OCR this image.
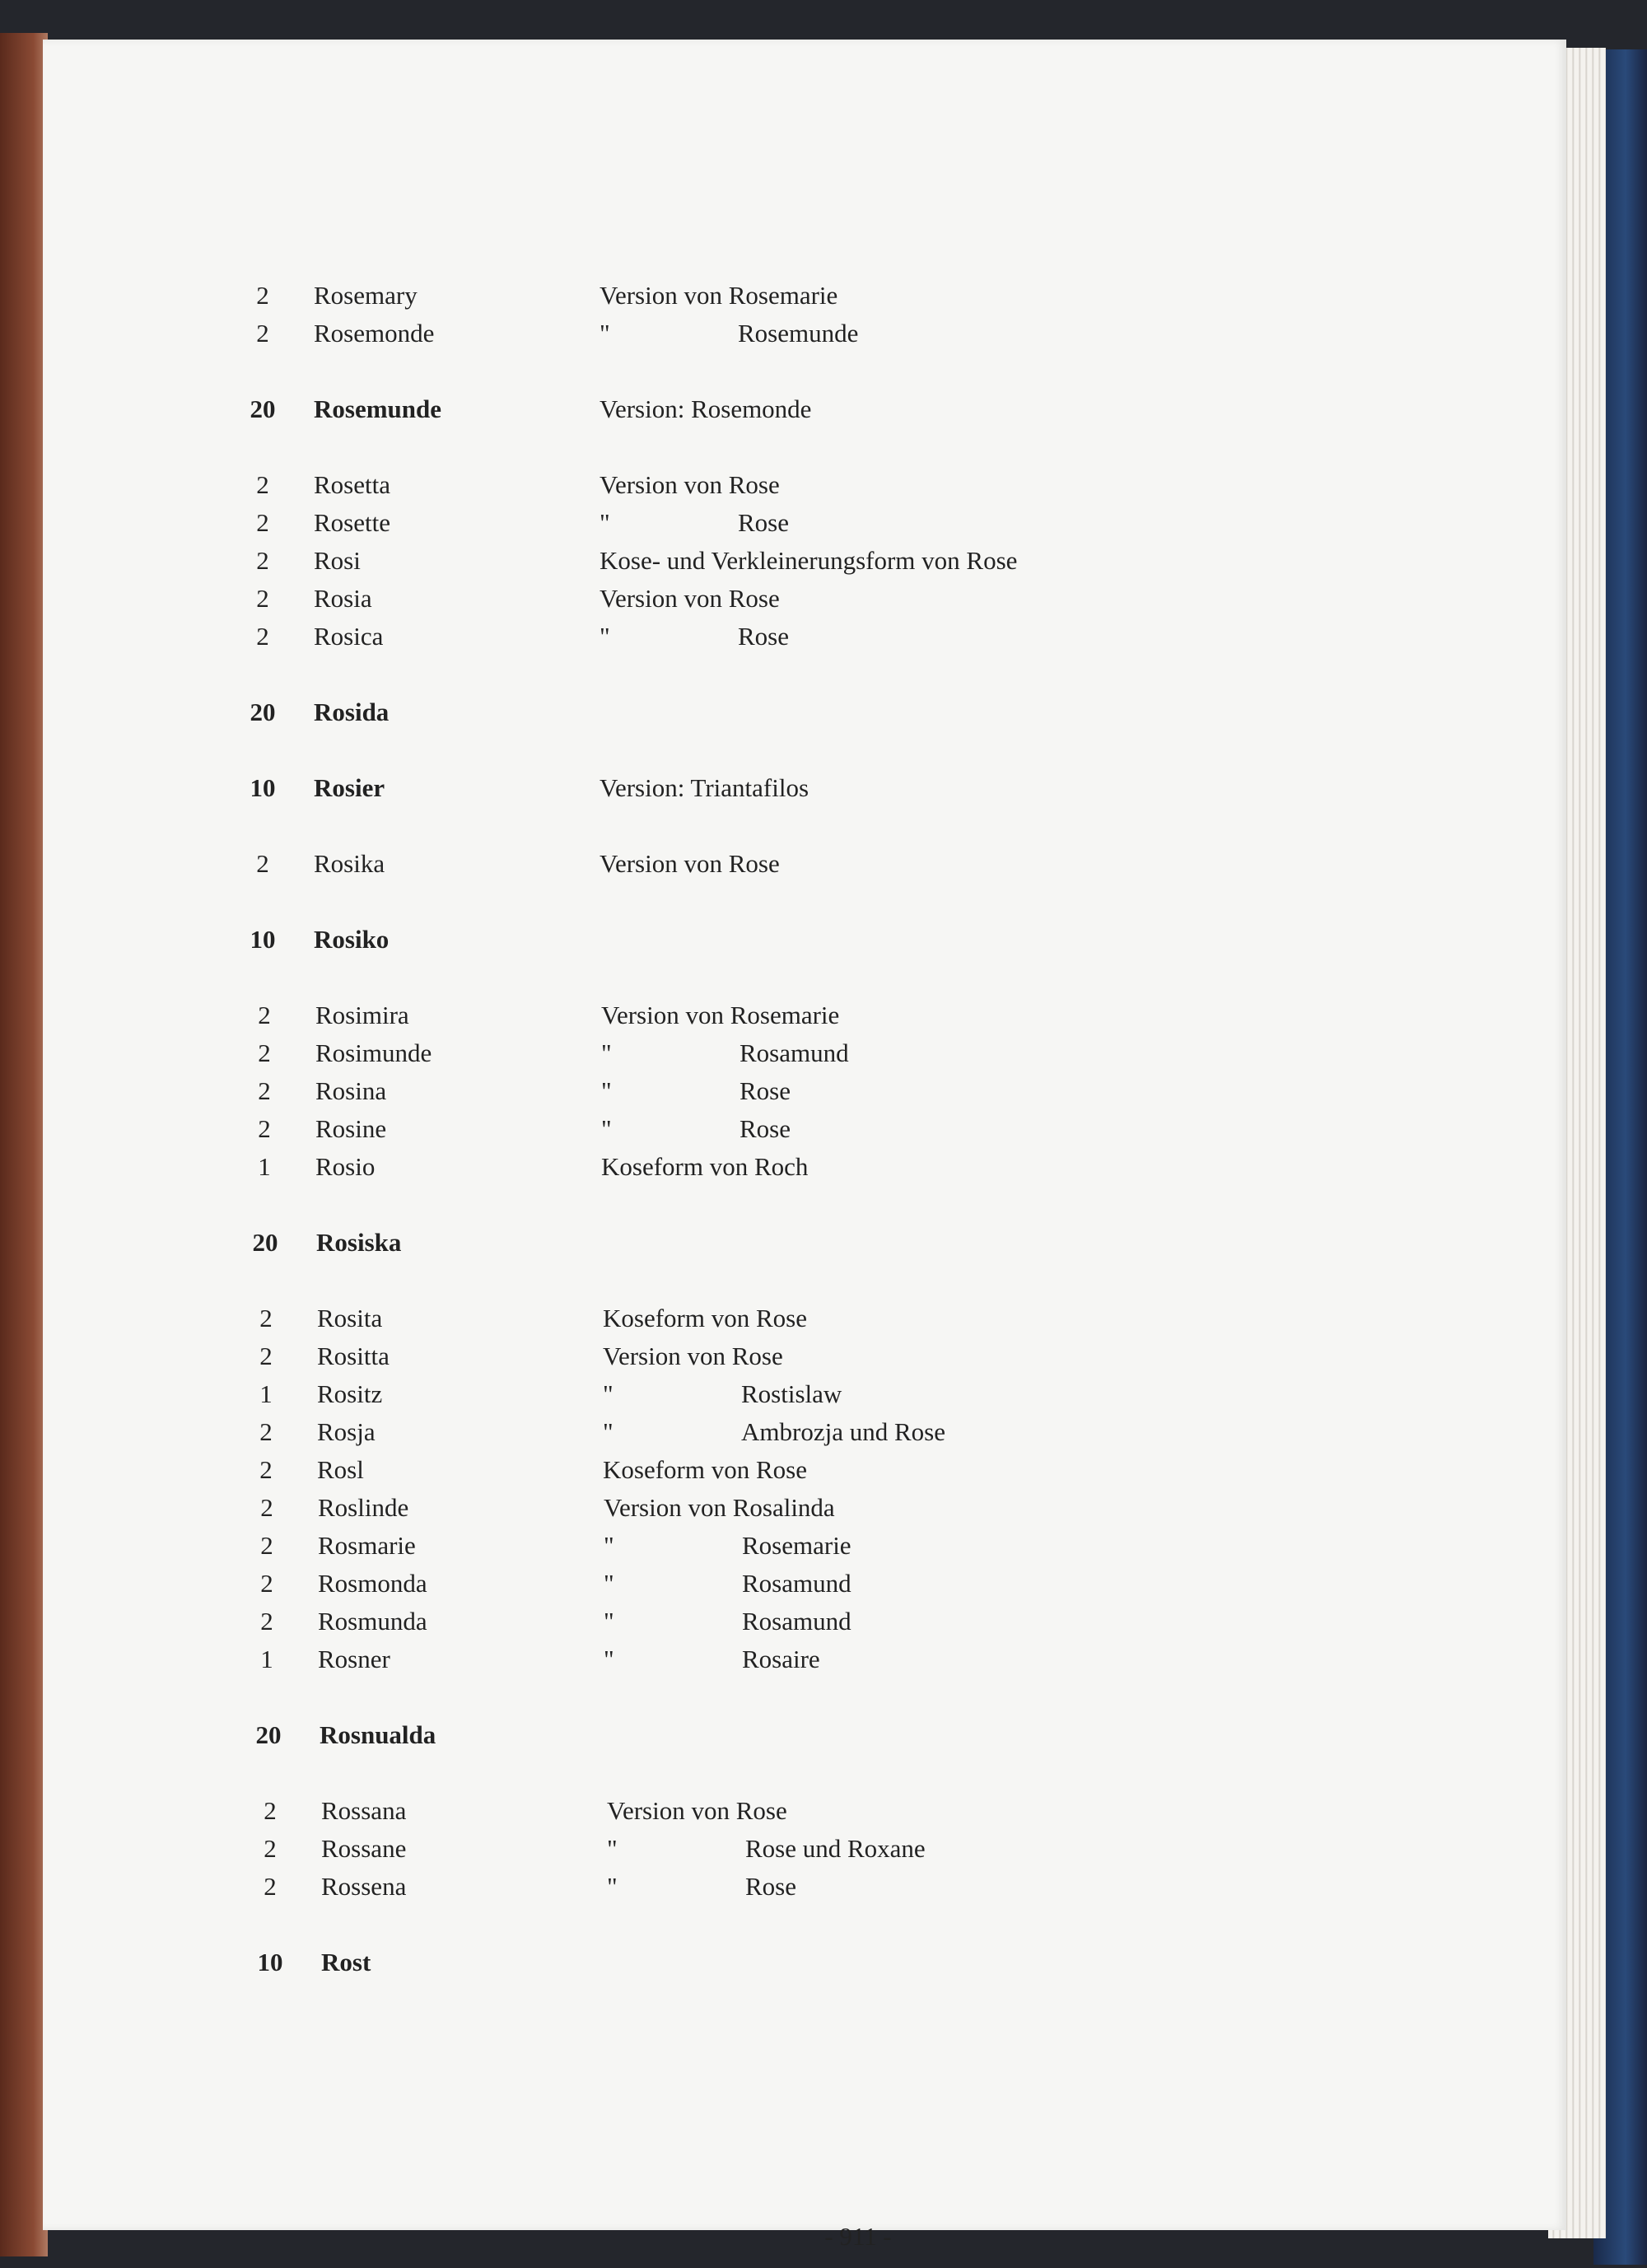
2	Rosemary	Version von Rosemarie
2	Rosemonde	"	Rosemunde
20	Rosemunde	Version: Rosemonde
2	Rosetta	Version von Rose
2	Rosette	"	Rose
2	Rosi	Kose- und Verkleinerungsform von Rose
2	Rosia	Version von Rose
2	Rosica	"	Rose
20	Rosida
10	Rosier	Version: Triantafilos
2	Rosika	Version von Rose
10	Rosiko
2	Rosimira	Version von Rosemarie
2	Rosimunde	"	Rosamund
2	Rosina	"	Rose
2	Rosine	"	Rose
1	Rosio	Koseform von Roch
20	Rosiska
2	Rosita	Koseform von Rose
2	Rositta	Version von Rose
1	Rositz	"	Rostislaw
2	Rosja	"	Ambrozja und Rose
2	Rosl	Koseform von Rose
2	Roslinde	Version von Rosalinda
2	Rosmarie	"	Rosemarie
2	Rosmonda	"	Rosamund
2	Rosmunda	"	Rosamund
1	Rosner	"	Rosaire
20	Rosnualda
2	Rossana	Version von Rose
2	Rossane	"	Rose und Roxane
2	Rossena	"	Rose
10	Rost
- 911 -
